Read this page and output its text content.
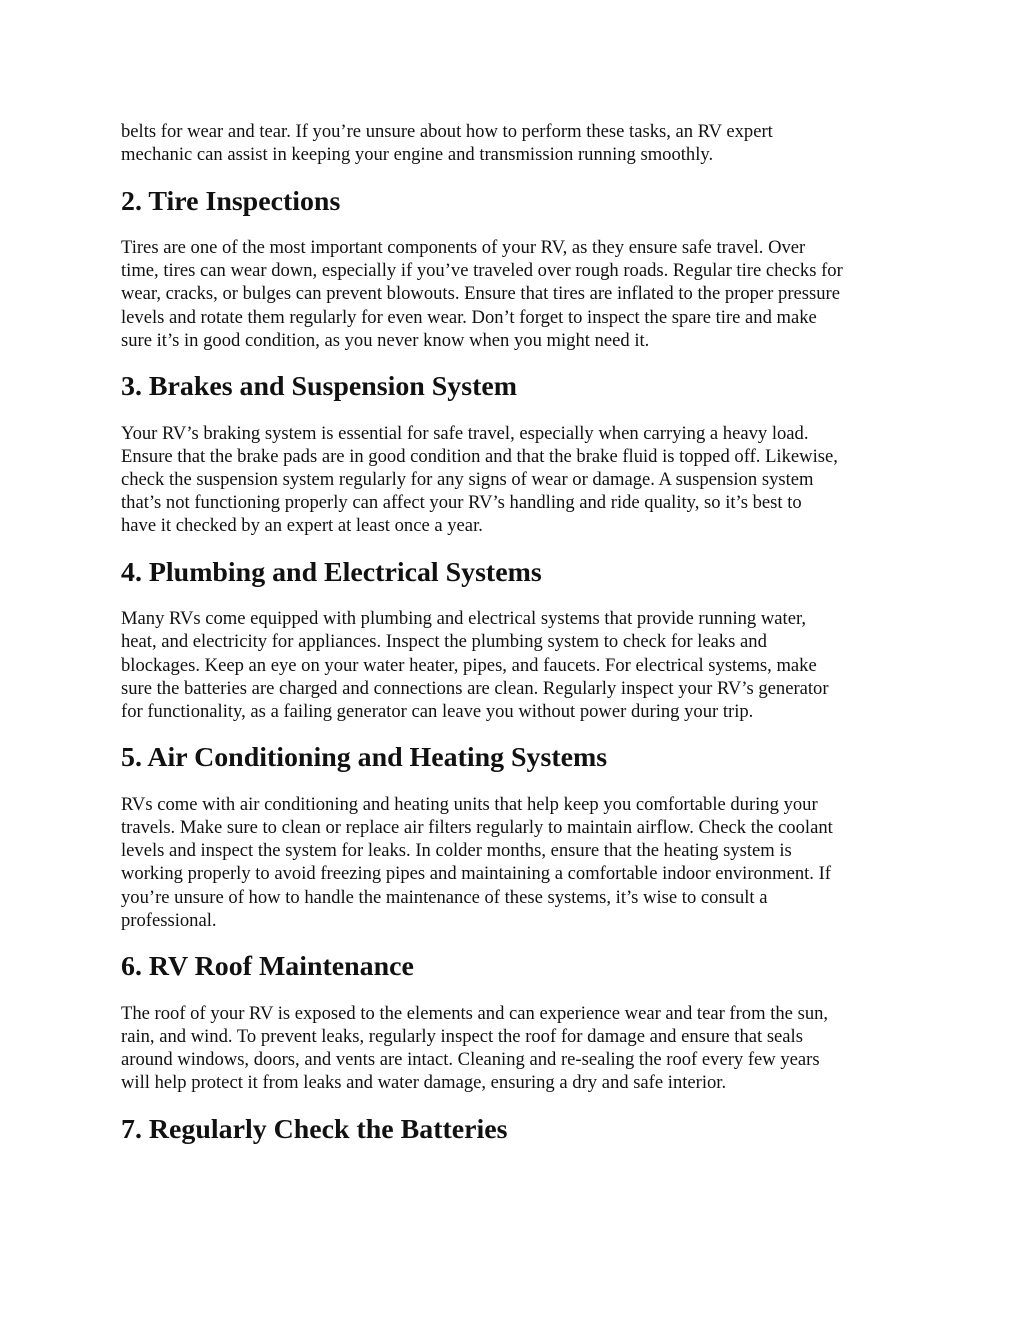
belts for wear and tear. If you’re unsure about how to perform these tasks, an RV expert
mechanic can assist in keeping your engine and transmission running smoothly.

2. Tire Inspections

Tires are one of the most important components of your RV, as they ensure safe travel. Over
time, tires can wear down, especially if you’ve traveled over rough roads. Regular tire checks for
wear, cracks, or bulges can prevent blowouts. Ensure that tires are inflated to the proper pressure
levels and rotate them regularly for even wear. Don’t forget to inspect the spare tire and make
sure it’s in good condition, as you never know when you might need it.

3. Brakes and Suspension System

Your RV’s braking system is essential for safe travel, especially when carrying a heavy load.
Ensure that the brake pads are in good condition and that the brake fluid is topped off. Likewise,
check the suspension system regularly for any signs of wear or damage. A suspension system
that’s not functioning properly can affect your RV’s handling and ride quality, so it’s best to
have it checked by an expert at least once a year.

4. Plumbing and Electrical Systems

Many RVs come equipped with plumbing and electrical systems that provide running water,
heat, and electricity for appliances. Inspect the plumbing system to check for leaks and
blockages. Keep an eye on your water heater, pipes, and faucets. For electrical systems, make
sure the batteries are charged and connections are clean. Regularly inspect your RV’s generator
for functionality, as a failing generator can leave you without power during your trip.

5. Air Conditioning and Heating Systems

RVs come with air conditioning and heating units that help keep you comfortable during your
travels. Make sure to clean or replace air filters regularly to maintain airflow. Check the coolant
levels and inspect the system for leaks. In colder months, ensure that the heating system is
working properly to avoid freezing pipes and maintaining a comfortable indoor environment. If
you’re unsure of how to handle the maintenance of these systems, it’s wise to consult a
professional.

6. RV Roof Maintenance

The roof of your RV is exposed to the elements and can experience wear and tear from the sun,
rain, and wind. To prevent leaks, regularly inspect the roof for damage and ensure that seals
around windows, doors, and vents are intact. Cleaning and re-sealing the roof every few years
will help protect it from leaks and water damage, ensuring a dry and safe interior.

7. Regularly Check the Batteries
